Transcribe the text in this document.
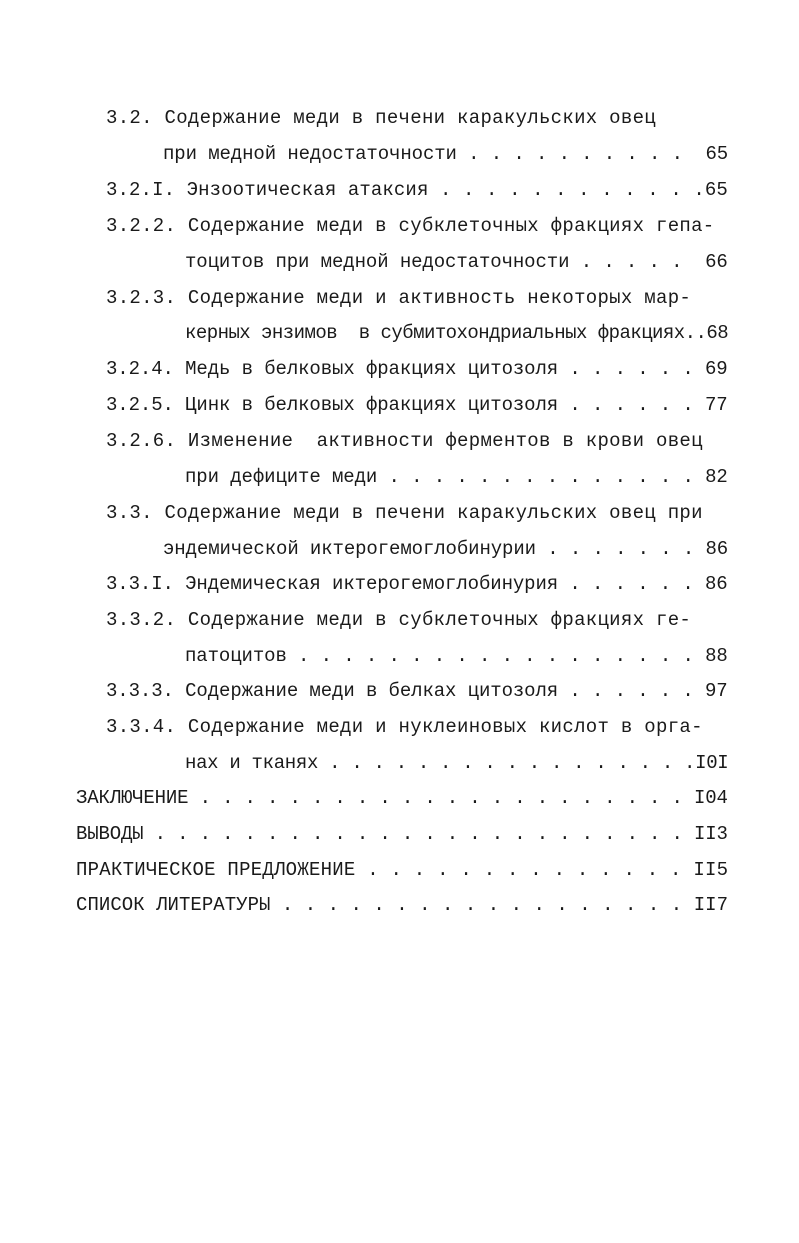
3.2. Содержание меди в печени каракульских овец
при медной недостаточности . . . . . . . . . .  65
3.2.I. Энзоотическая атаксия . . . . . . . . . . . .65
3.2.2. Содержание меди в субклеточных фракциях гепа-
тоцитов при медной недостаточности . . . . .  66
3.2.3. Содержание меди и активность некоторых мар-
керных энзимов  в субмитохондриальных фракциях..68
3.2.4. Медь в белковых фракциях цитозоля . . . . . . 69
3.2.5. Цинк в белковых фракциях цитозоля . . . . . . 77
3.2.6. Изменение  активности ферментов в крови овец
при дефиците меди . . . . . . . . . . . . . . 82
3.3. Содержание меди в печени каракульских овец при
эндемической иктерогемоглобинурии . . . . . . . 86
3.3.I. Эндемическая иктерогемоглобинурия . . . . . . 86
3.3.2. Содержание меди в субклеточных фракциях ге-
патоцитов . . . . . . . . . . . . . . . . . . 88
3.3.3. Содержание меди в белках цитозоля . . . . . . 97
3.3.4. Содержание меди и нуклеиновых кислот в орга-
нах и тканях . . . . . . . . . . . . . . . . .I0I
ЗАКЛЮЧЕНИЕ . . . . . . . . . . . . . . . . . . . . . . I04
ВЫВОДЫ . . . . . . . . . . . . . . . . . . . . . . . . II3
ПРАКТИЧЕСКОЕ ПРЕДЛОЖЕНИЕ . . . . . . . . . . . . . . II5
СПИСОК ЛИТЕРАТУРЫ . . . . . . . . . . . . . . . . . . II7
